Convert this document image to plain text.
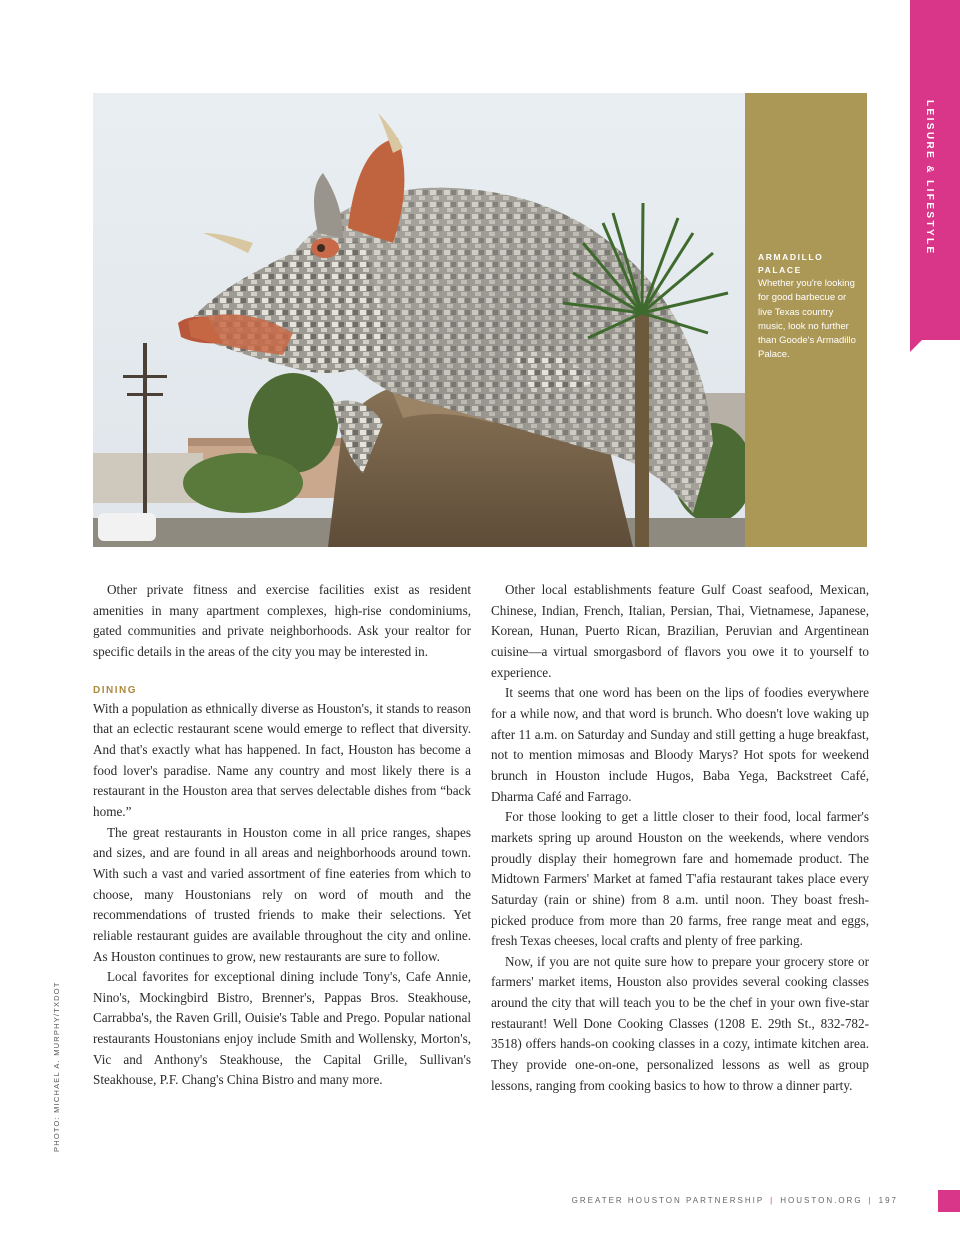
LEISURE & LIFESTYLE
ARMADILLO PALACE
Whether you're looking for good barbecue or live Texas country music, look no further than Goode's Armadillo Palace.

Other private fitness and exercise facilities exist as resident amenities in many apartment complexes, high-rise condominiums, gated communities and private neighborhoods. Ask your realtor for specific details in the areas of the city you may be interested in.

DINING

With a population as ethnically diverse as Houston's, it stands to reason that an eclectic restaurant scene would emerge to reflect that diversity. And that's exactly what has happened. In fact, Houston has become a food lover's paradise. Name any country and most likely there is a restaurant in the Houston area that serves delectable dishes from “back home.”

The great restaurants in Houston come in all price ranges, shapes and sizes, and are found in all areas and neighborhoods around town. With such a vast and varied assortment of fine eateries from which to choose, many Houstonians rely on word of mouth and the recommendations of trusted friends to make their selections. Yet reliable restaurant guides are available throughout the city and online. As Houston continues to grow, new restaurants are sure to follow.

Local favorites for exceptional dining include Tony's, Cafe Annie, Nino's, Mockingbird Bistro, Brenner's, Pappas Bros. Steakhouse, Carrabba's, the Raven Grill, Ouisie's Table and Prego. Popular national restaurants Houstonians enjoy include Smith and Wollensky, Morton's, Vic and Anthony's Steakhouse, the Capital Grille, Sullivan's Steakhouse, P.F. Chang's China Bistro and many more.

Other local establishments feature Gulf Coast seafood, Mexican, Chinese, Indian, French, Italian, Persian, Thai, Vietnamese, Japanese, Korean, Hunan, Puerto Rican, Brazilian, Peruvian and Argentinean cuisine—a virtual smorgasbord of flavors you owe it to yourself to experience.

It seems that one word has been on the lips of foodies everywhere for a while now, and that word is brunch. Who doesn't love waking up after 11 a.m. on Saturday and Sunday and still getting a huge breakfast, not to mention mimosas and Bloody Marys? Hot spots for weekend brunch in Houston include Hugos, Baba Yega, Backstreet Café, Dharma Café and Farrago.

For those looking to get a little closer to their food, local farmer's markets spring up around Houston on the weekends, where vendors proudly display their homegrown fare and homemade product. The Midtown Farmers' Market at famed T'afia restaurant takes place every Saturday (rain or shine) from 8 a.m. until noon. They boast fresh-picked produce from more than 20 farms, free range meat and eggs, fresh Texas cheeses, local crafts and plenty of free parking.

Now, if you are not quite sure how to prepare your grocery store or farmers' market items, Houston also provides several cooking classes around the city that will teach you to be the chef in your own five-star restaurant! Well Done Cooking Classes (1208 E. 29th St., 832-782-3518) offers hands-on cooking classes in a cozy, intimate kitchen area. They provide one-on-one, personalized lessons as well as group lessons, ranging from cooking basics to how to throw a dinner party.

PHOTO: MICHAEL A. MURPHY/TXDOT
GREATER HOUSTON PARTNERSHIP | HOUSTON.ORG | 197
